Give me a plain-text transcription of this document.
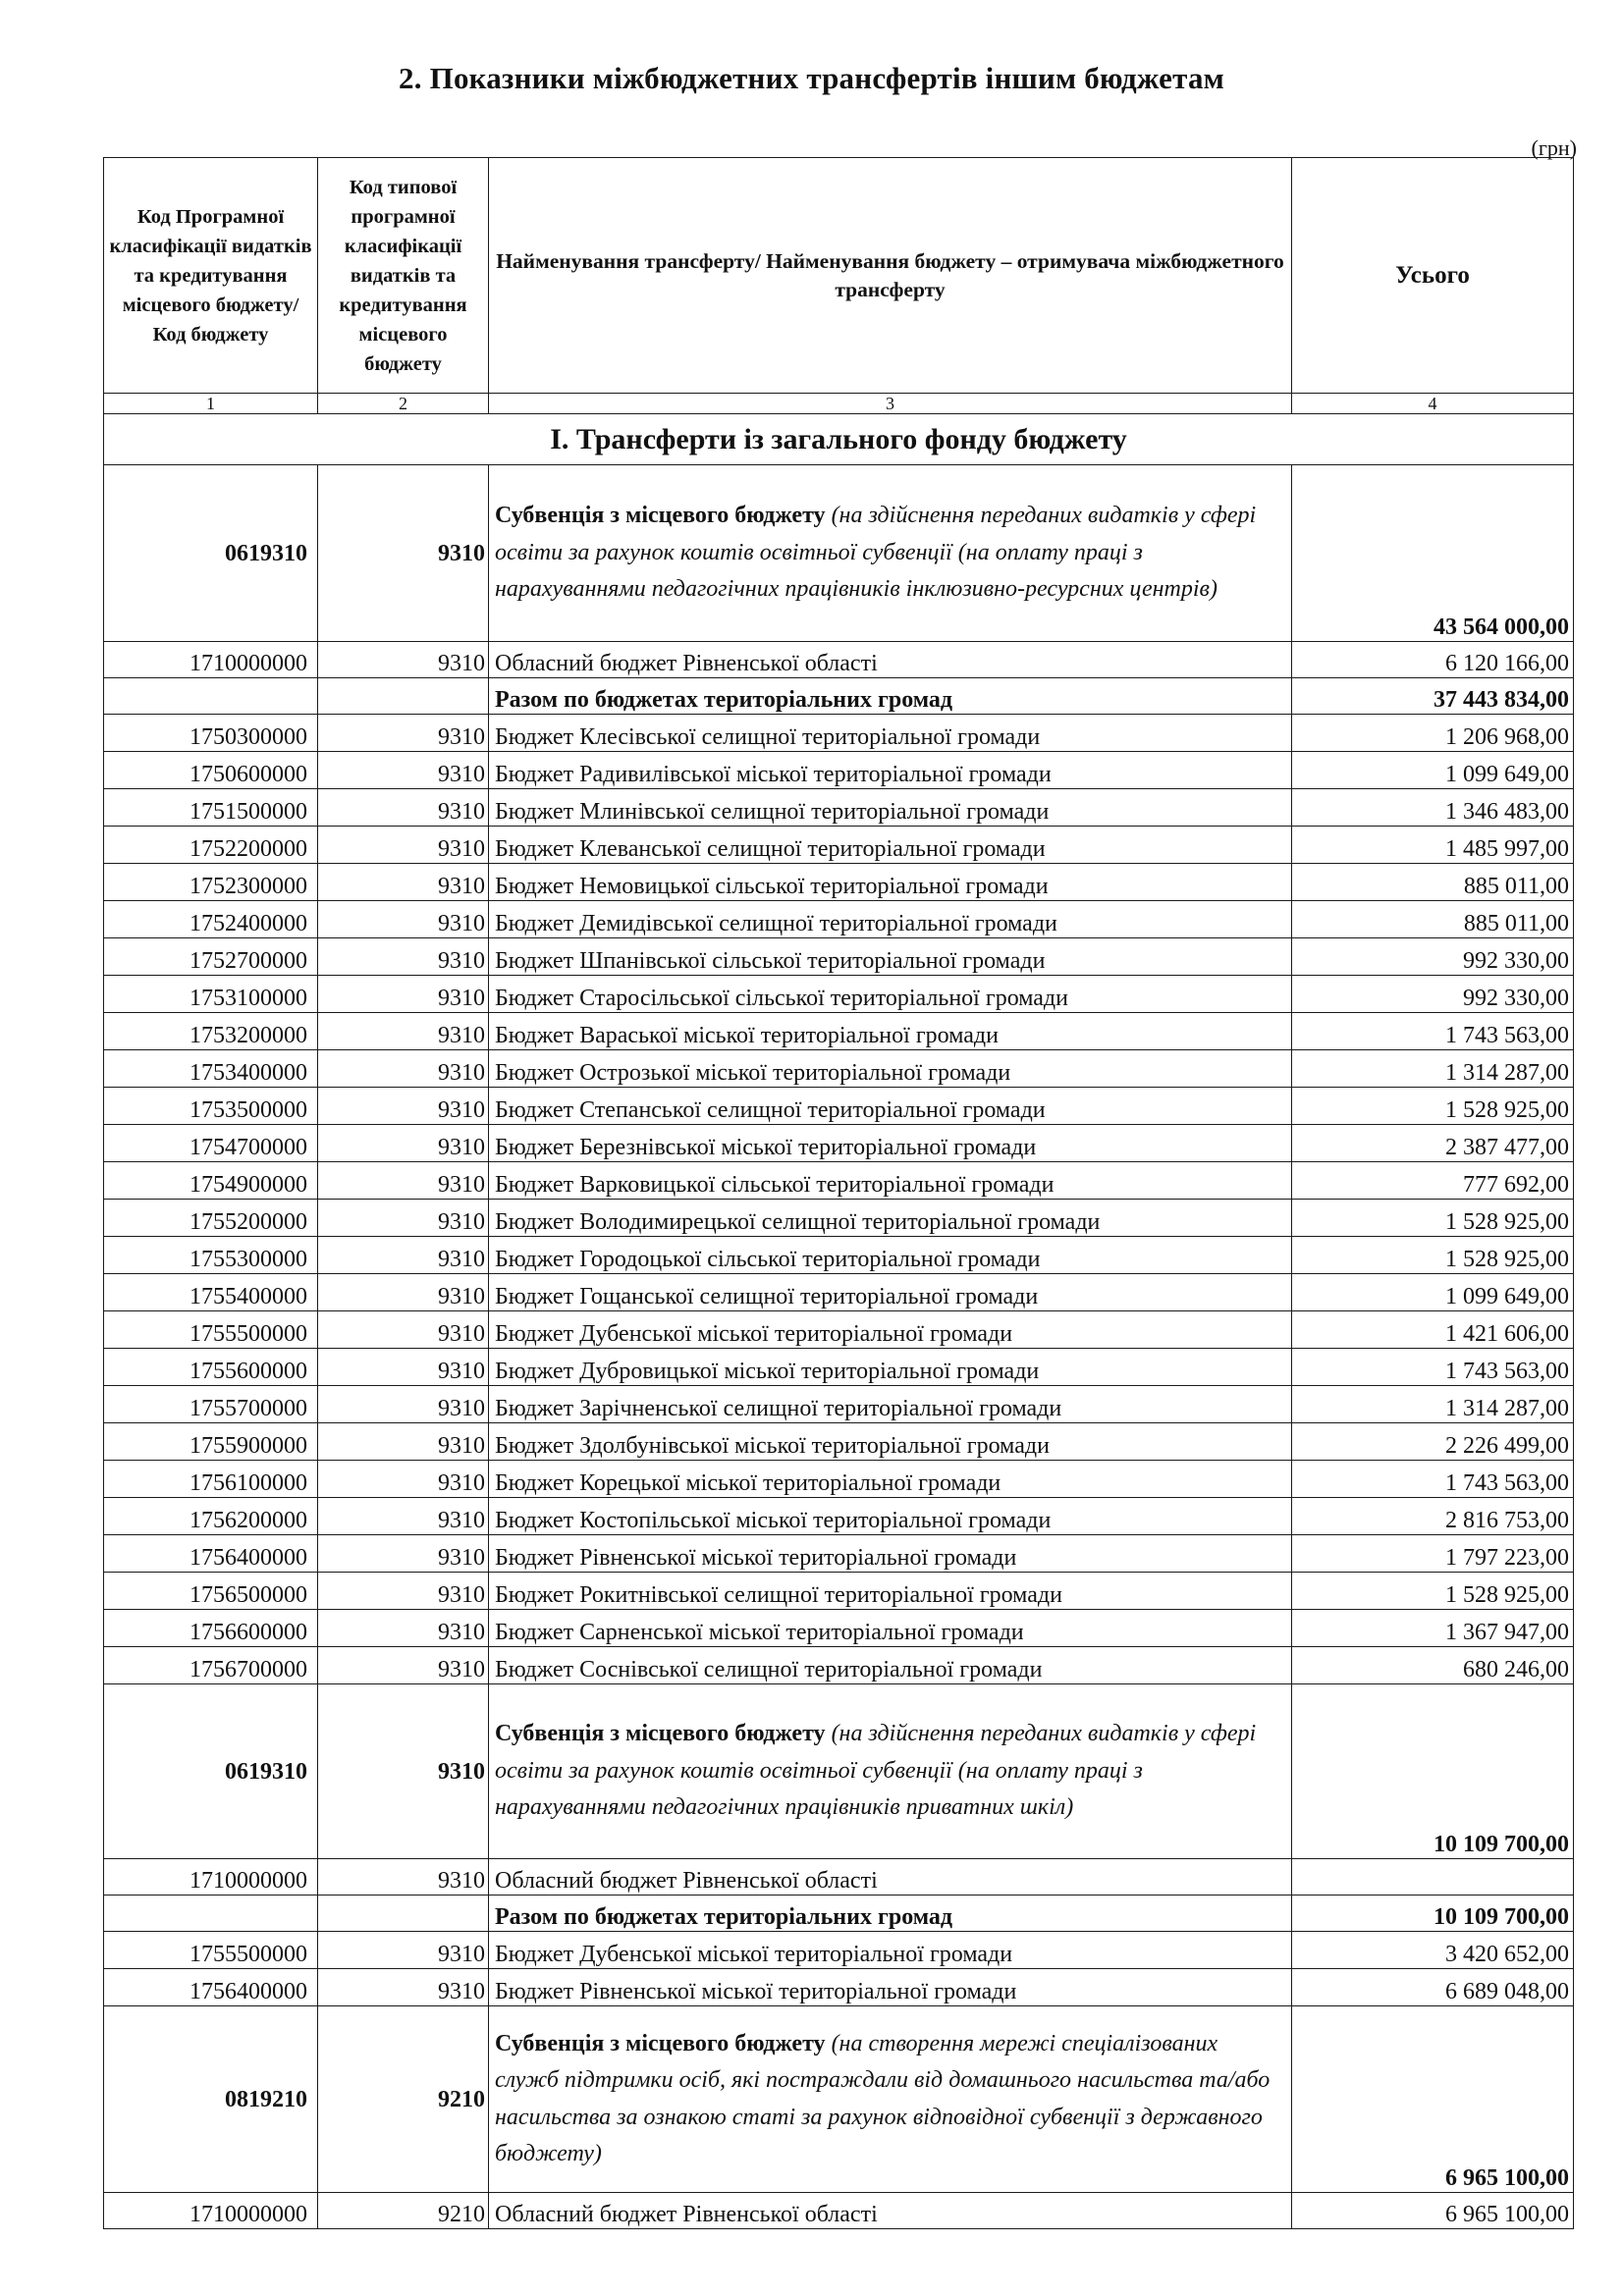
2. Показники міжбюджетних трансфертів іншим бюджетам
(грн)
Код Програмної класифікації видатків та кредитування місцевого бюджету/ Код бюджету	Код типової програмної класифікації видатків та кредитування місцевого бюджету	Найменування трансферту/ Найменування бюджету – отримувача міжбюджетного трансферту	Усього
1	2	3	4
І. Трансферти із загального фонду бюджету			
0619310	9310	Субвенція з місцевого бюджету (на здійснення переданих видатків у сфері освіти за рахунок коштів освітньої субвенції (на оплату праці з нарахуваннями педагогічних працівників інклюзивно-ресурсних центрів)	43 564 000,00
1710000000	9310	Обласний бюджет Рівненської області	6 120 166,00
		Разом по бюджетах територіальних громад	37 443 834,00
1750300000	9310	Бюджет Клесівської селищної територіальної громади	1 206 968,00
1750600000	9310	Бюджет Радивилівської міської територіальної громади	1 099 649,00
1751500000	9310	Бюджет Млинівської селищної територіальної громади	1 346 483,00
1752200000	9310	Бюджет Клеванської селищної територіальної громади	1 485 997,00
1752300000	9310	Бюджет Немовицької сільської територіальної громади	885 011,00
1752400000	9310	Бюджет Демидівської селищної територіальної громади	885 011,00
1752700000	9310	Бюджет Шпанівської сільської територіальної громади	992 330,00
1753100000	9310	Бюджет Старосільської сільської територіальної громади	992 330,00
1753200000	9310	Бюджет Вараської міської територіальної громади	1 743 563,00
1753400000	9310	Бюджет Острозької міської територіальної громади	1 314 287,00
1753500000	9310	Бюджет Степанської селищної територіальної громади	1 528 925,00
1754700000	9310	Бюджет Березнівської міської територіальної громади	2 387 477,00
1754900000	9310	Бюджет Варковицької сільської територіальної громади	777 692,00
1755200000	9310	Бюджет Володимирецької селищної територіальної громади	1 528 925,00
1755300000	9310	Бюджет Городоцької сільської територіальної громади	1 528 925,00
1755400000	9310	Бюджет Гощанської селищної територіальної громади	1 099 649,00
1755500000	9310	Бюджет Дубенської міської територіальної громади	1 421 606,00
1755600000	9310	Бюджет Дубровицької міської територіальної громади	1 743 563,00
1755700000	9310	Бюджет Зарічненської селищної територіальної громади	1 314 287,00
1755900000	9310	Бюджет Здолбунівської міської територіальної громади	2 226 499,00
1756100000	9310	Бюджет Корецької міської територіальної громади	1 743 563,00
1756200000	9310	Бюджет Костопільської міської територіальної громади	2 816 753,00
1756400000	9310	Бюджет Рівненської міської територіальної громади	1 797 223,00
1756500000	9310	Бюджет Рокитнівської селищної територіальної громади	1 528 925,00
1756600000	9310	Бюджет Сарненської міської територіальної громади	1 367 947,00
1756700000	9310	Бюджет Соснівської селищної територіальної громади	680 246,00
0619310	9310	Субвенція з місцевого бюджету (на здійснення переданих видатків у сфері освіти за рахунок коштів освітньої субвенції (на оплату праці з нарахуваннями педагогічних працівників приватних шкіл)	10 109 700,00
1710000000	9310	Обласний бюджет Рівненської області	
		Разом по бюджетах територіальних громад	10 109 700,00
1755500000	9310	Бюджет Дубенської міської територіальної громади	3 420 652,00
1756400000	9310	Бюджет Рівненської міської територіальної громади	6 689 048,00
0819210	9210	Субвенція з місцевого бюджету (на створення мережі спеціалізованих служб підтримки осіб, які постраждали від домашнього насильства та/або насильства за ознакою статі за рахунок відповідної субвенції з державного бюджету)	6 965 100,00
1710000000	9210	Обласний бюджет Рівненської області	6 965 100,00
